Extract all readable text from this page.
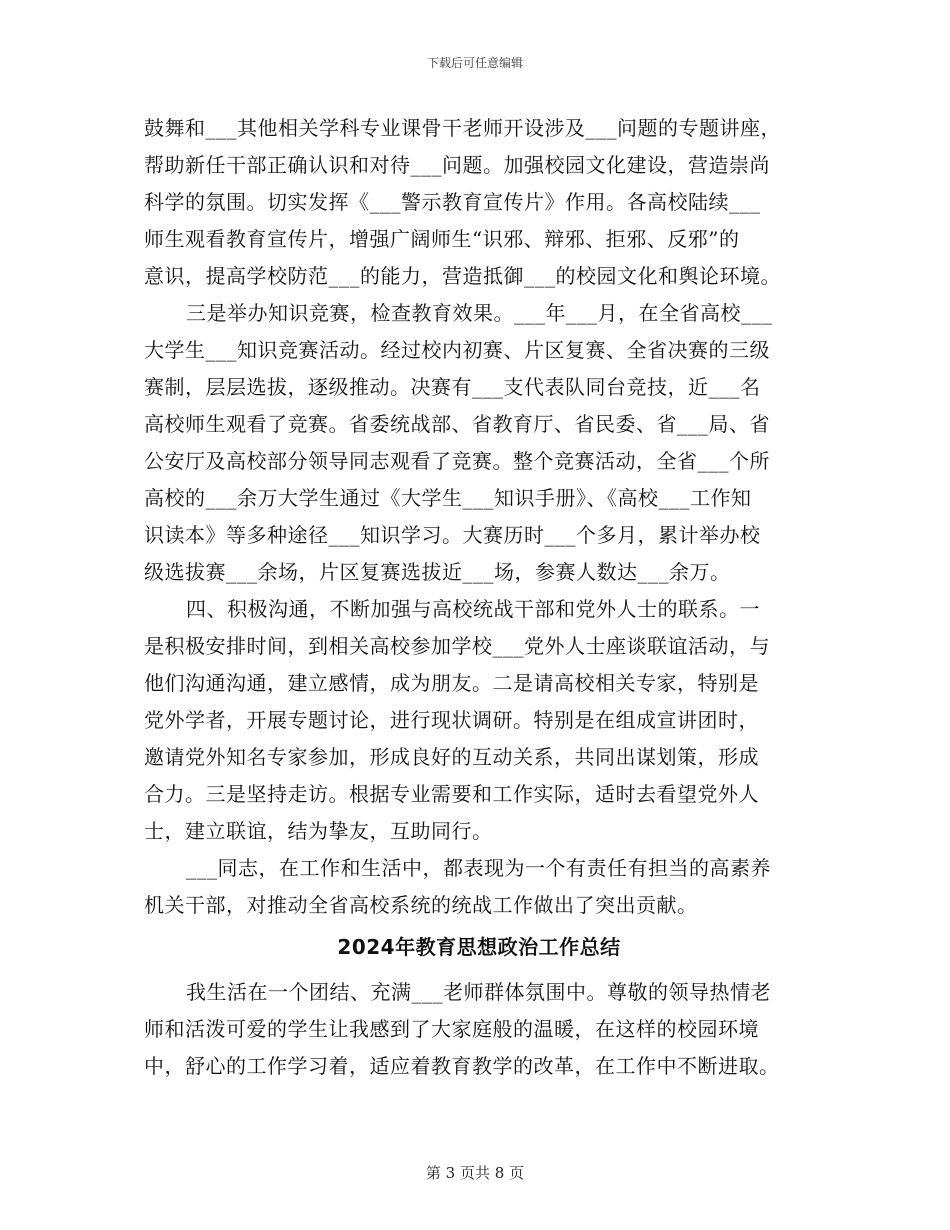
下载后可任意编辑
鼓舞和___其他相关学科专业课骨干老师开设涉及___问题的专题讲座，
帮助新任干部正确认识和对待___问题。加强校园文化建设，营造崇尚
科学的氛围。切实发挥《___警示教育宣传片》作用。各高校陆续___
师生观看教育宣传片，增强广阔师生“识邪、辩邪、拒邪、反邪”的
意识，提高学校防范___的能力，营造抵御___的校园文化和舆论环境。
三是举办知识竞赛，检查教育效果。___年___月，在全省高校___
大学生___知识竞赛活动。经过校内初赛、片区复赛、全省决赛的三级
赛制，层层选拔，逐级推动。决赛有___支代表队同台竞技，近___名
高校师生观看了竞赛。省委统战部、省教育厅、省民委、省___局、省
公安厅及高校部分领导同志观看了竞赛。整个竞赛活动，全省___个所
高校的___余万大学生通过《大学生___知识手册》、《高校___工作知
识读本》等多种途径___知识学习。大赛历时___个多月，累计举办校
级选拔赛___余场，片区复赛选拔近___场，参赛人数达___余万。
四、积极沟通，不断加强与高校统战干部和党外人士的联系。一
是积极安排时间，到相关高校参加学校___党外人士座谈联谊活动，与
他们沟通沟通，建立感情，成为朋友。二是请高校相关专家，特别是
党外学者，开展专题讨论，进行现状调研。特别是在组成宣讲团时，
邀请党外知名专家参加，形成良好的互动关系，共同出谋划策，形成
合力。三是坚持走访。根据专业需要和工作实际，适时去看望党外人
士，建立联谊，结为挚友，互助同行。
___同志，在工作和生活中，都表现为一个有责任有担当的高素养
机关干部，对推动全省高校系统的统战工作做出了突出贡献。
2024年教育思想政治工作总结
我生活在一个团结、充满___老师群体氛围中。尊敬的领导热情老
师和活泼可爱的学生让我感到了大家庭般的温暖，在这样的校园环境
中，舒心的工作学习着，适应着教育教学的改革，在工作中不断进取。
第 3 页共 8 页
